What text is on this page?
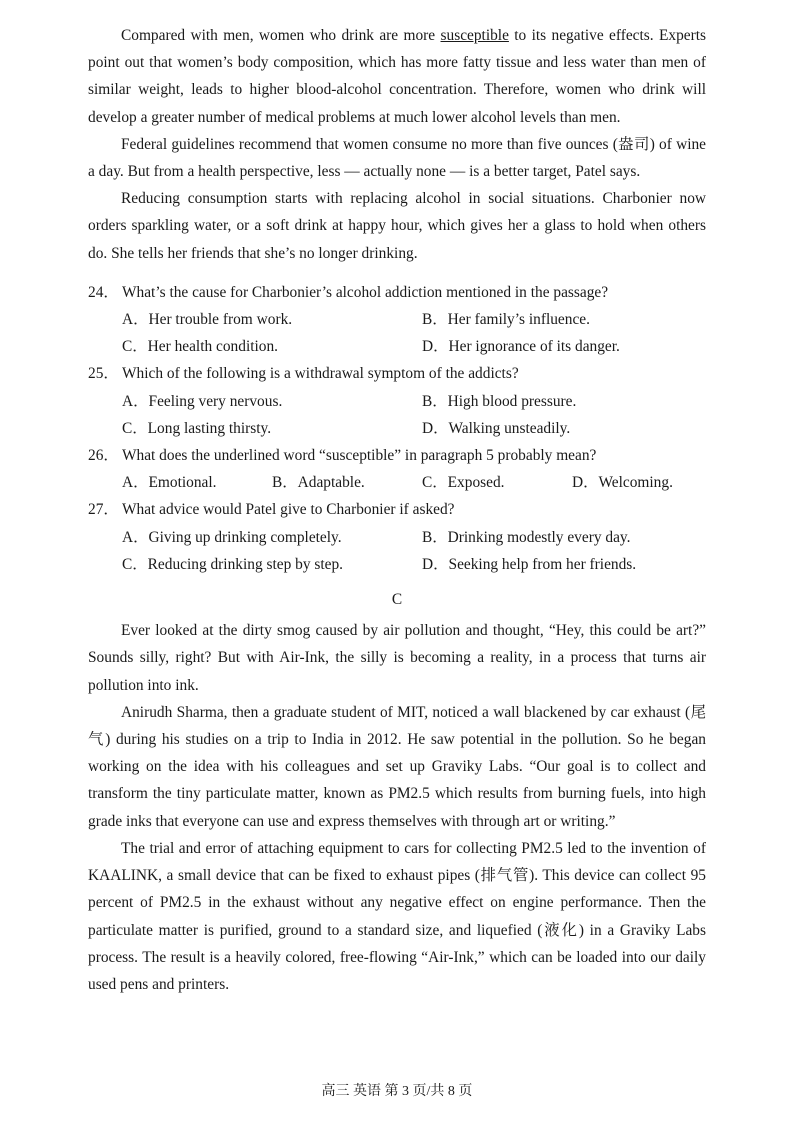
Compared with men, women who drink are more susceptible to its negative effects. Experts point out that women’s body composition, which has more fatty tissue and less water than men of similar weight, leads to higher blood-alcohol concentration. Therefore, women who drink will develop a greater number of medical problems at much lower alcohol levels than men.

Federal guidelines recommend that women consume no more than five ounces (盎司) of wine a day. But from a health perspective, less — actually none — is a better target, Patel says.

Reducing consumption starts with replacing alcohol in social situations. Charbonier now orders sparkling water, or a soft drink at happy hour, which gives her a glass to hold when others do. She tells her friends that she’s no longer drinking.

24． What’s the cause for Charbonier’s alcohol addiction mentioned in the passage?
A．Her trouble from work.	B．Her family’s influence.
C．Her health condition.	D．Her ignorance of its danger.
25． Which of the following is a withdrawal symptom of the addicts?
A．Feeling very nervous.	B．High blood pressure.
C．Long lasting thirsty.	D．Walking unsteadily.
26． What does the underlined word “susceptible” in paragraph 5 probably mean?
A．Emotional.	B．Adaptable.	C．Exposed.	D．Welcoming.
27． What advice would Patel give to Charbonier if asked?
A．Giving up drinking completely.	B．Drinking modestly every day.
C．Reducing drinking step by step.	D．Seeking help from her friends.
C

Ever looked at the dirty smog caused by air pollution and thought, “Hey, this could be art?” Sounds silly, right? But with Air-Ink, the silly is becoming a reality, in a process that turns air pollution into ink.

Anirudh Sharma, then a graduate student of MIT, noticed a wall blackened by car exhaust (尾气) during his studies on a trip to India in 2012. He saw potential in the pollution. So he began working on the idea with his colleagues and set up Graviky Labs. “Our goal is to collect and transform the tiny particulate matter, known as PM2.5 which results from burning fuels, into high grade inks that everyone can use and express themselves with through art or writing.”

The trial and error of attaching equipment to cars for collecting PM2.5 led to the invention of KAALINK, a small device that can be fixed to exhaust pipes (排气管). This device can collect 95 percent of PM2.5 in the exhaust without any negative effect on engine performance. Then the particulate matter is purified, ground to a standard size, and liquefied (液化) in a Graviky Labs process. The result is a heavily colored, free-flowing “Air-Ink,” which can be loaded into our daily used pens and printers.

高三 英语 第 3 页/共 8 页
